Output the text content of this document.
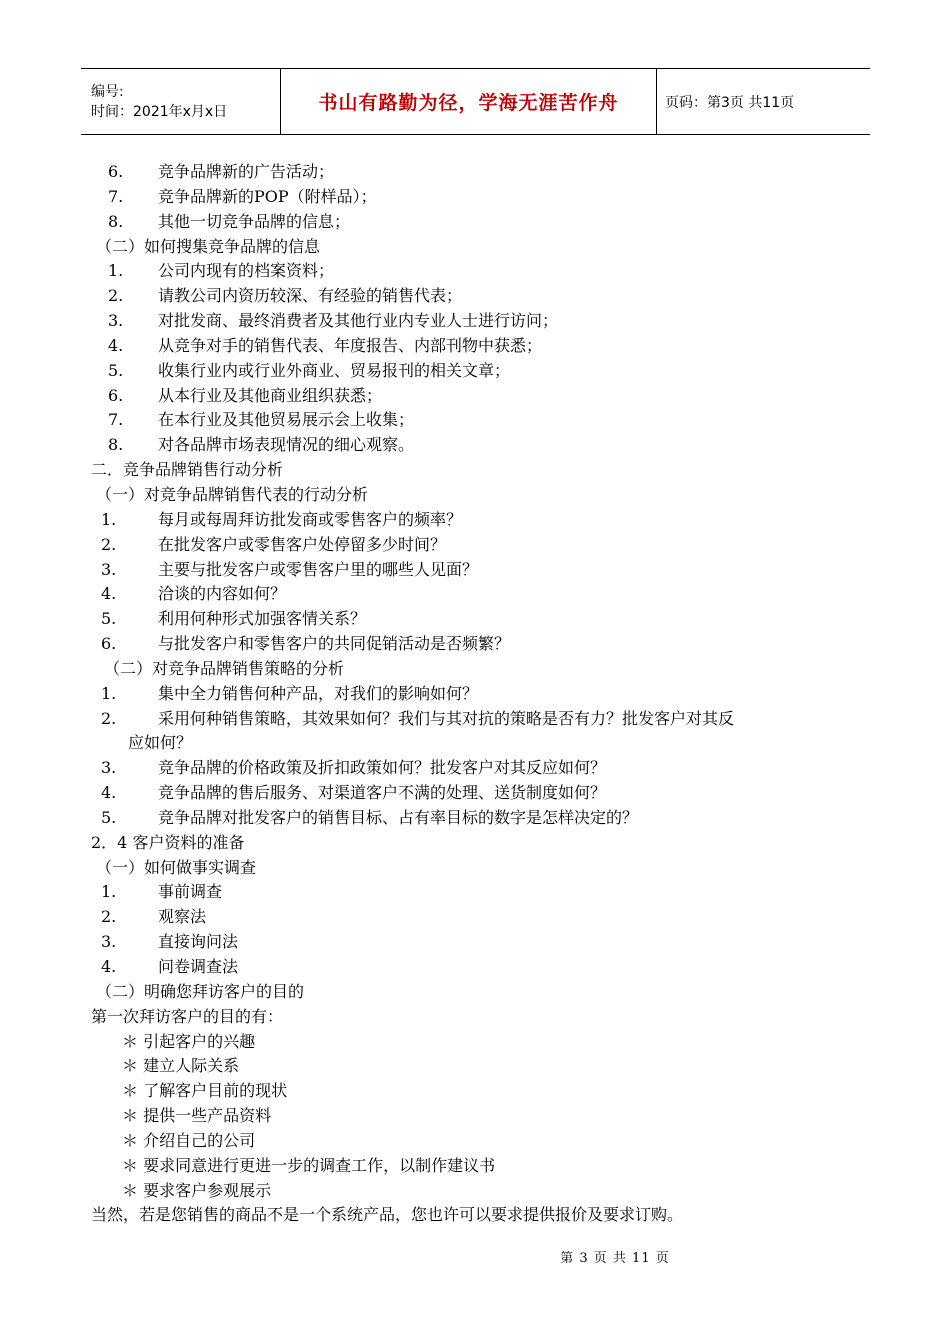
编号:
时间：2021年x月x日	书山有路勤为径，学海无涯苦作舟	页码：第3页 共11页
6. 竞争品牌新的广告活动；
7. 竞争品牌新的POP（附样品）；
8. 其他一切竞争品牌的信息；
（二）如何搜集竞争品牌的信息
1. 公司内现有的档案资料；
2. 请教公司内资历较深、有经验的销售代表；
3. 对批发商、最终消费者及其他行业内专业人士进行访问；
4. 从竞争对手的销售代表、年度报告、内部刊物中获悉；
5. 收集行业内或行业外商业、贸易报刊的相关文章；
6. 从本行业及其他商业组织获悉；
7. 在本行业及其他贸易展示会上收集；
8. 对各品牌市场表现情况的细心观察。
二．竞争品牌销售行动分析
（一）对竞争品牌销售代表的行动分析
1.	每月或每周拜访批发商或零售客户的频率？
2.	在批发客户或零售客户处停留多少时间？
3.	主要与批发客户或零售客户里的哪些人见面？
4.	洽谈的内容如何？
5.	利用何种形式加强客情关系？
6.	与批发客户和零售客户的共同促销活动是否频繁？
（二）对竞争品牌销售策略的分析
1.	集中全力销售何种产品，对我们的影响如何？
2.	采用何种销售策略，其效果如何？我们与其对抗的策略是否有力？批发客户对其反
应如何？
3.	竞争品牌的价格政策及折扣政策如何？批发客户对其反应如何？
4.	竞争品牌的售后服务、对渠道客户不满的处理、送货制度如何？
5.	竞争品牌对批发客户的销售目标、占有率目标的数字是怎样决定的？
2．4 客户资料的准备
（一）如何做事实调查
1.	事前调查
2.	观察法
3.	直接询问法
4.	问卷调查法
（二）明确您拜访客户的目的
第一次拜访客户的目的有：
＊ 引起客户的兴趣
＊ 建立人际关系
＊ 了解客户目前的现状
＊ 提供一些产品资料
＊ 介绍自己的公司
＊ 要求同意进行更进一步的调查工作，以制作建议书
＊ 要求客户参观展示
当然，若是您销售的商品不是一个系统产品，您也许可以要求提供报价及要求订购。
第 3 页 共 11 页
